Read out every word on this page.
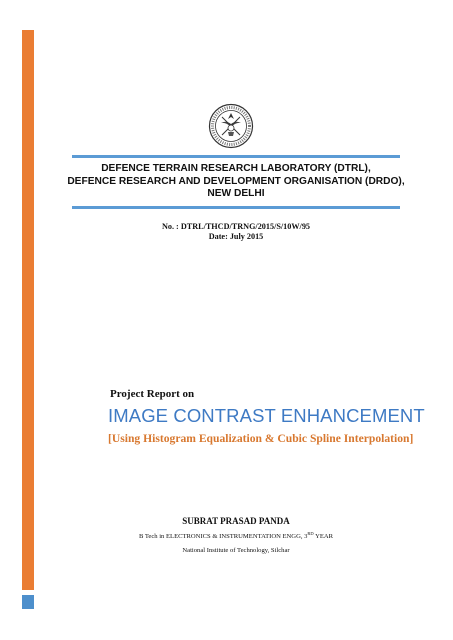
DEFENCE TERRAIN RESEARCH LABORATORY (DTRL),
DEFENCE RESEARCH AND DEVELOPMENT ORGANISATION (DRDO),
NEW DELHI
No. : DTRL/THCD/TRNG/2015/S/10W/95
Date: July 2015
Project Report on
IMAGE CONTRAST ENHANCEMENT
[Using Histogram Equalization & Cubic Spline Interpolation]
SUBRAT PRASAD PANDA
B Tech in ELECTRONICS & INSTRUMENTATION ENGG, 3RD YEAR
National Institute of Technology, Silchar
